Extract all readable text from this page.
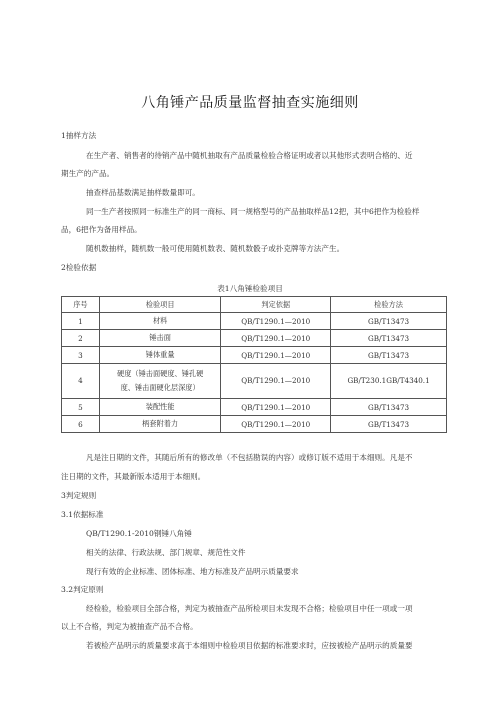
八角锤产品质量监督抽查实施细则
1抽样方法
在生产者、销售者的待销产品中随机抽取有产品质量检验合格证明或者以其他形式表明合格的、近
期生产的产品。
抽查样品基数满足抽样数量即可。
同一生产者按照同一标准生产的同一商标、同一规格型号的产品抽取样品12把，其中6把作为检验样
品，6把作为备用样品。
随机数抽样，随机数一般可使用随机数表、随机数骰子或扑克牌等方法产生。
2检验依据
表1八角锤检验项目
序号	检验项目	判定依据	检验方法
1	材料	QB/T1290.1—2010	GB/T13473
2	锤击面	QB/T1290.1—2010	GB/T13473
3	锤体重量	QB/T1290.1—2010	GB/T13473
4	硬度（锤击面硬度、锤孔硬
度、锤击面硬化层深度）	QB/T1290.1—2010	GB/T230.1GB/T4340.1
5	装配性能	QB/T1290.1—2010	GB/T13473
6	柄套附着力	QB/T1290.1—2010	GB/T13473
凡是注日期的文件，其随后所有的修改单（不包括勘误的内容）或修订版不适用于本细则。凡是不
注日期的文件，其最新版本适用于本细则。
3判定规则
3.1依据标准
QB/T1290.1-2010钢锤八角锤
相关的法律、行政法规、部门规章、规范性文件
现行有效的企业标准、团体标准、地方标准及产品明示质量要求
3.2判定原则
经检验，检验项目全部合格，判定为被抽查产品所检项目未发现不合格；检验项目中任一项或一项
以上不合格，判定为被抽查产品不合格。
若被检产品明示的质量要求高于本细则中检验项目依据的标准要求时，应按被检产品明示的质量要
